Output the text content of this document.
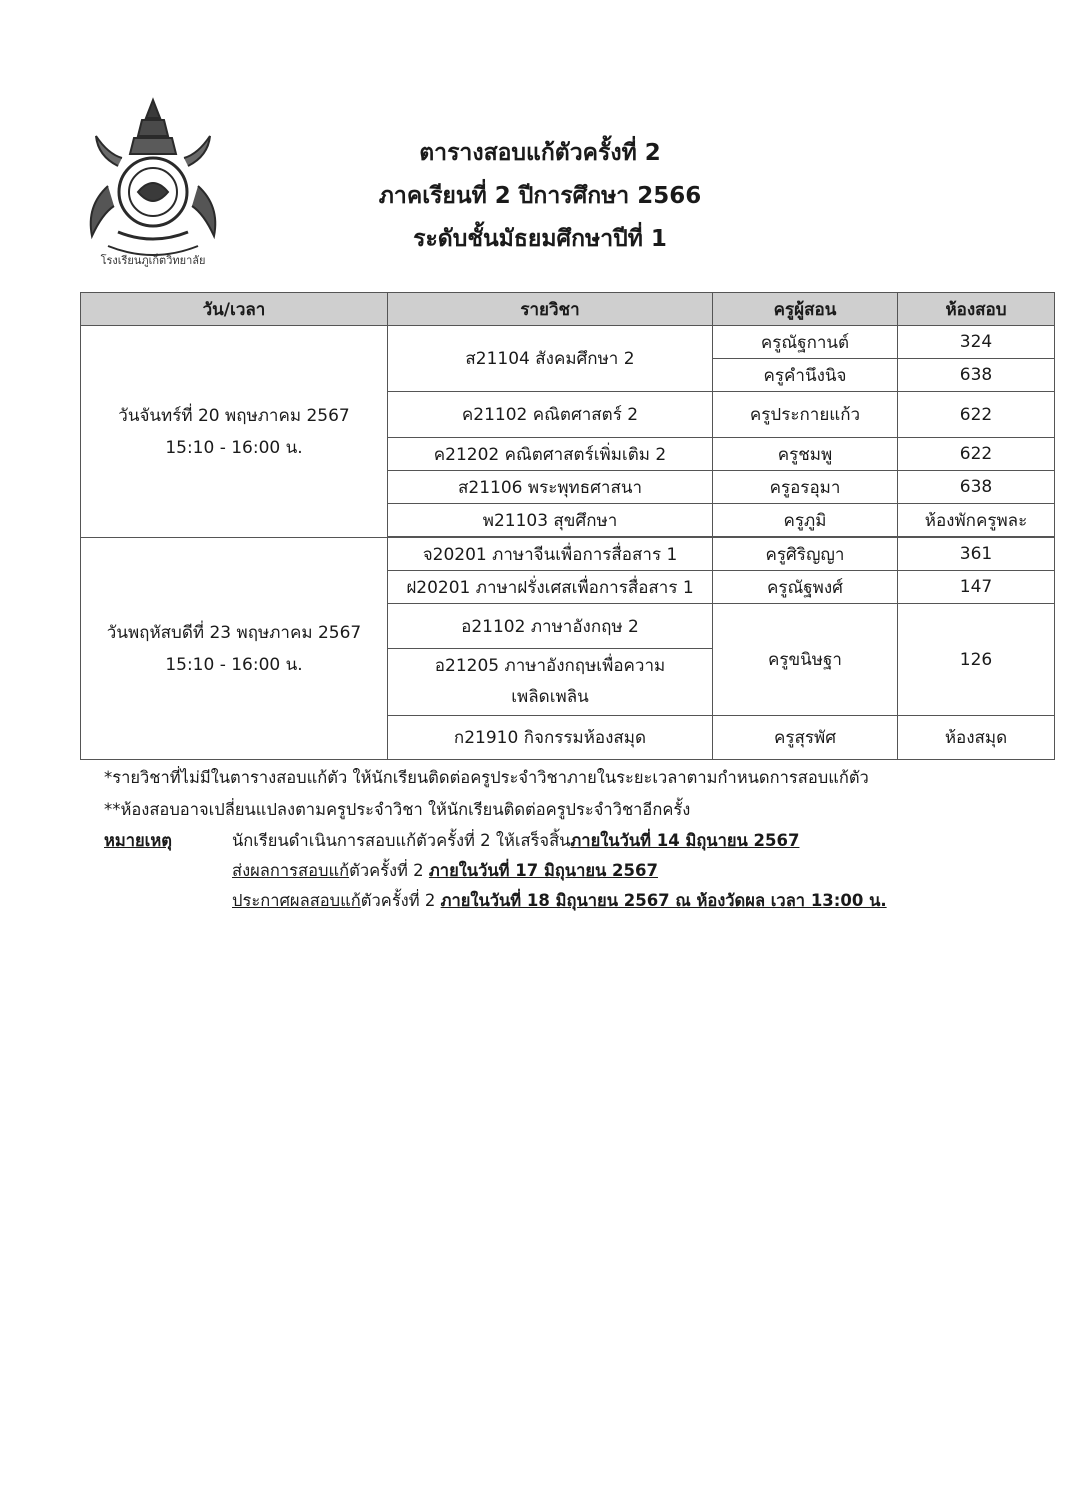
โรงเรียนภูเก็ตวิทยาลัย
ตารางสอบแก้ตัวครั้งที่ 2
ภาคเรียนที่ 2 ปีการศึกษา 2566
ระดับชั้นมัธยมศึกษาปีที่ 1
วัน/เวลา	รายวิชา	ครูผู้สอน	ห้องสอบ

วันจันทร์ที่ 20 พฤษภาคม 2567
15:10 - 16:00 น.	ส21104 สังคมศึกษา 2	ครูณัฐกานต์	324
		ครูคำนึงนิจ	638
	ค21102 คณิตศาสตร์ 2	ครูประกายแก้ว	622
	ค21202 คณิตศาสตร์เพิ่มเติม 2	ครูชมพู	622
	ส21106 พระพุทธศาสนา	ครูอรอุมา	638
	พ21103 สุขศึกษา	ครูภูมิ	ห้องพักครูพละ

วันพฤหัสบดีที่ 23 พฤษภาคม 2567
15:10 - 16:00 น.	จ20201 ภาษาจีนเพื่อการสื่อสาร 1	ครูศิริญญา	361
	ฝ20201 ภาษาฝรั่งเศสเพื่อการสื่อสาร 1	ครูณัฐพงศ์	147
	อ21102 ภาษาอังกฤษ 2	ครูขนิษฐา	126

	อ21205 ภาษาอังกฤษเพื่อความ
เพลิดเพลิน		

	ก21910 กิจกรรมห้องสมุด	ครูสุรพัศ	ห้องสมุด
*รายวิชาที่ไม่มีในตารางสอบแก้ตัว ให้นักเรียนติดต่อครูประจำวิชาภายในระยะเวลาตามกำหนดการสอบแก้ตัว
**ห้องสอบอาจเปลี่ยนแปลงตามครูประจำวิชา ให้นักเรียนติดต่อครูประจำวิชาอีกครั้ง
หมายเหตุ	นักเรียนดำเนินการสอบแก้ตัวครั้งที่ 2 ให้เสร็จสิ้นภายในวันที่ 14 มิถุนายน 2567
ส่งผลการสอบแก้ตัวครั้งที่ 2 ภายในวันที่ 17 มิถุนายน 2567
ประกาศผลสอบแก้ตัวครั้งที่ 2 ภายในวันที่ 18 มิถุนายน 2567 ณ ห้องวัดผล เวลา 13:00 น.
